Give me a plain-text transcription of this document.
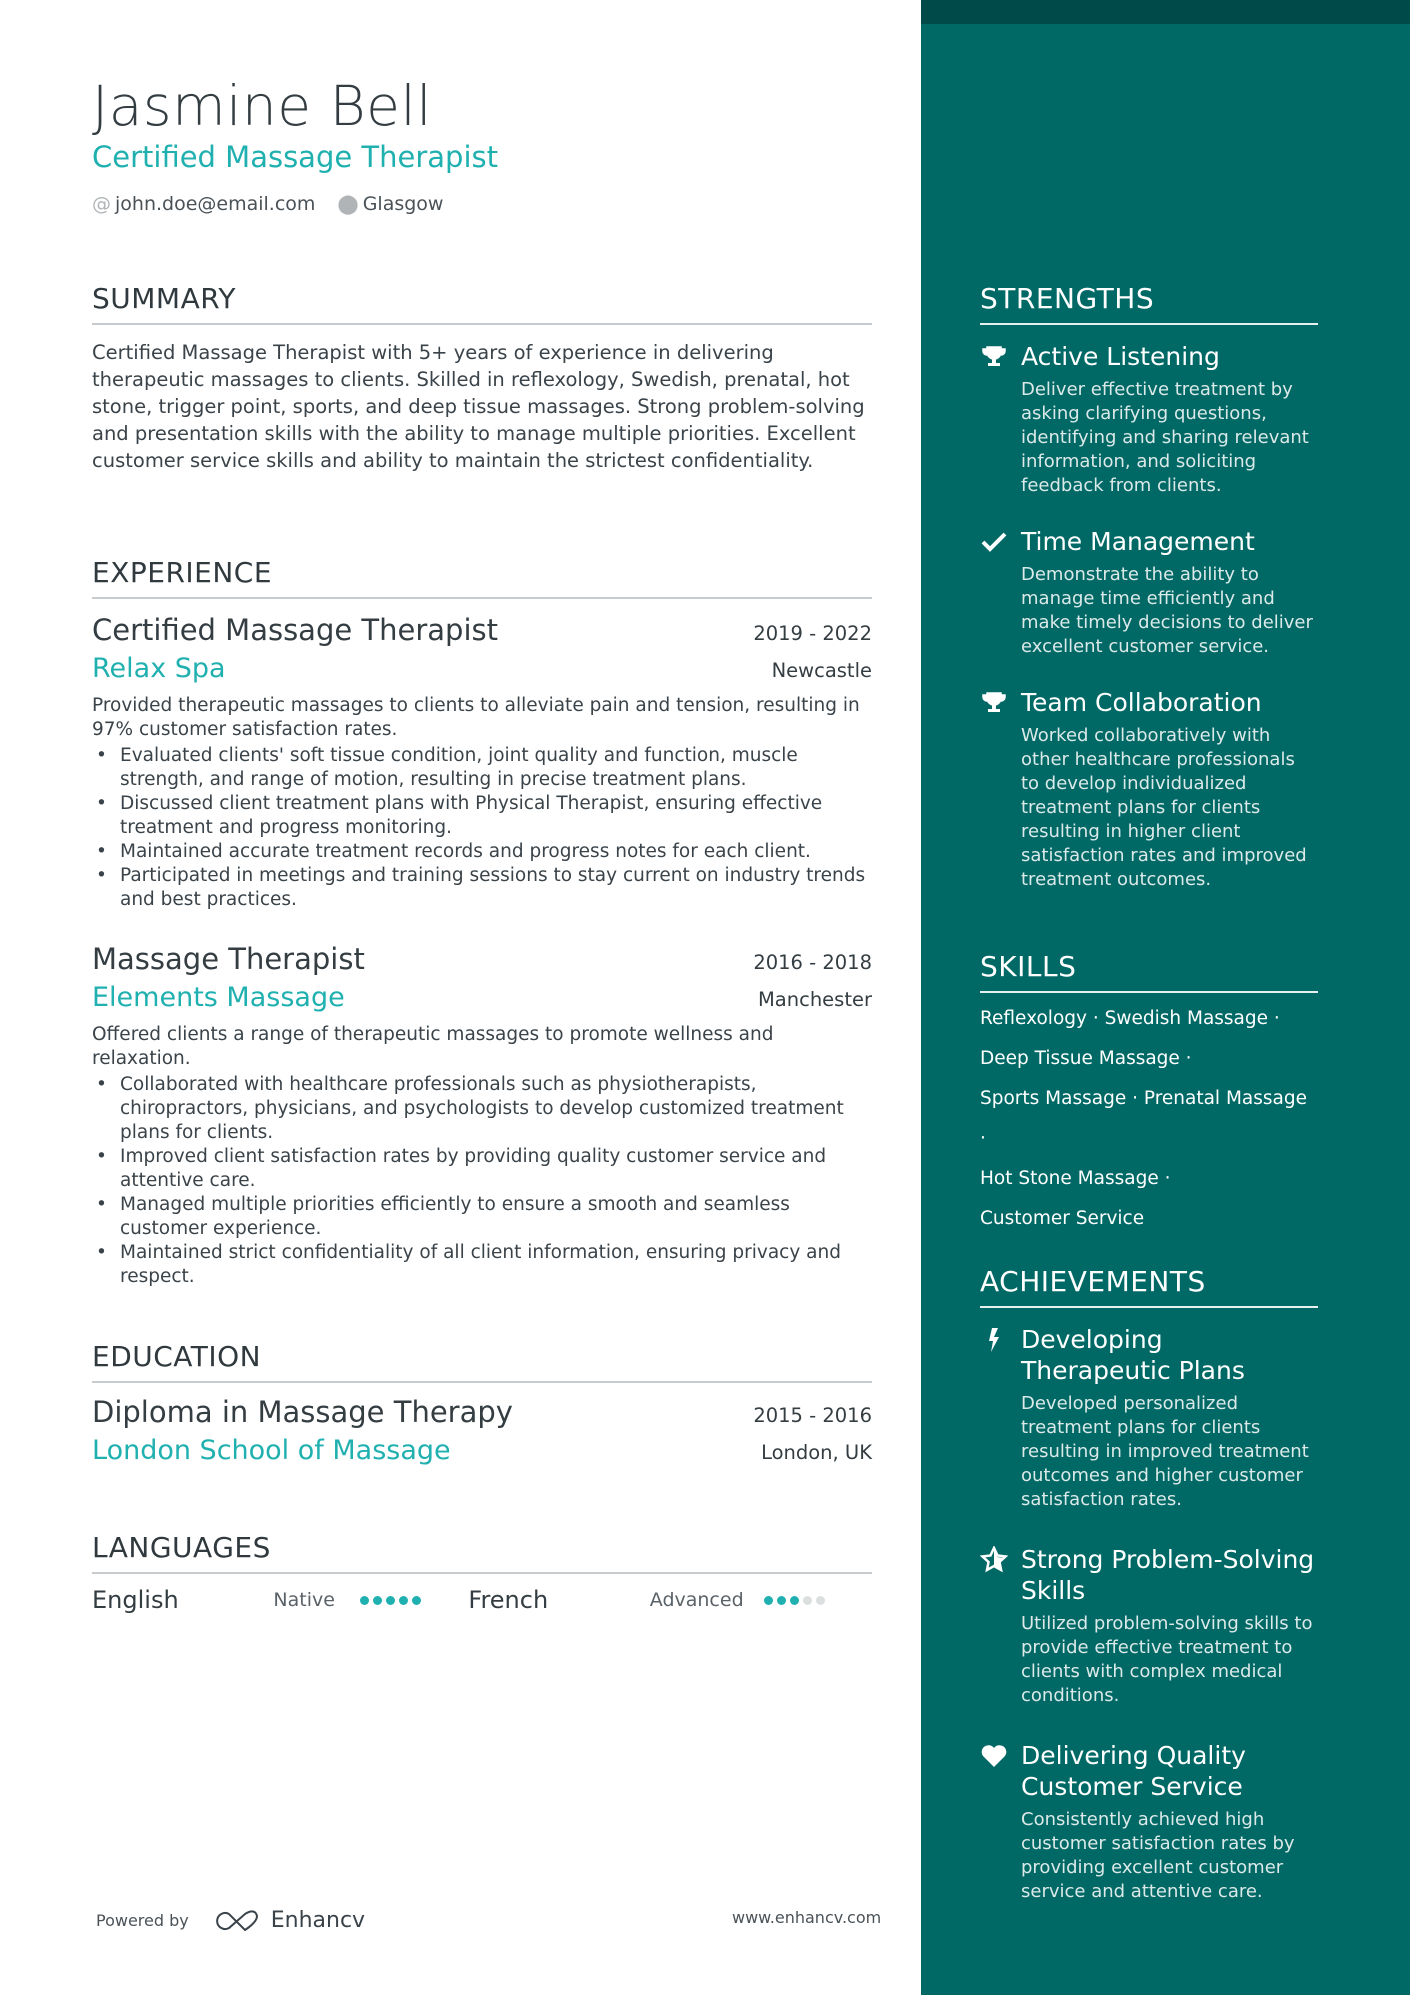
Jasmine Bell
Certified Massage Therapist
@ john.doe@email.com ⬤ Glasgow
SUMMARY
Certified Massage Therapist with 5+ years of experience in delivering therapeutic massages to clients. Skilled in reflexology, Swedish, prenatal, hot stone, trigger point, sports, and deep tissue massages. Strong problem-solving and presentation skills with the ability to manage multiple priorities. Excellent customer service skills and ability to maintain the strictest confidentiality.
EXPERIENCE
Certified Massage Therapist	2019 - 2022
Relax Spa	Newcastle
Provided therapeutic massages to clients to alleviate pain and tension, resulting in 97% customer satisfaction rates.
• Evaluated clients' soft tissue condition, joint quality and function, muscle strength, and range of motion, resulting in precise treatment plans.
• Discussed client treatment plans with Physical Therapist, ensuring effective treatment and progress monitoring.
• Maintained accurate treatment records and progress notes for each client.
• Participated in meetings and training sessions to stay current on industry trends and best practices.
Massage Therapist	2016 - 2018
Elements Massage	Manchester
Offered clients a range of therapeutic massages to promote wellness and relaxation.
• Collaborated with healthcare professionals such as physiotherapists, chiropractors, physicians, and psychologists to develop customized treatment plans for clients.
• Improved client satisfaction rates by providing quality customer service and attentive care.
• Managed multiple priorities efficiently to ensure a smooth and seamless customer experience.
• Maintained strict confidentiality of all client information, ensuring privacy and respect.
EDUCATION
Diploma in Massage Therapy	2015 - 2016
London School of Massage	London, UK
LANGUAGES
English	Native	French	Advanced
Powered by	Enhancv	www.enhancv.com
STRENGTHS
Active Listening
Deliver effective treatment by asking clarifying questions, identifying and sharing relevant information, and soliciting feedback from clients.
Time Management
Demonstrate the ability to manage time efficiently and make timely decisions to deliver excellent customer service.
Team Collaboration
Worked collaboratively with other healthcare professionals to develop individualized treatment plans for clients resulting in higher client satisfaction rates and improved treatment outcomes.
SKILLS
Reflexology · Swedish Massage ·
Deep Tissue Massage ·
Sports Massage · Prenatal Massage ·
Hot Stone Massage ·
Customer Service
ACHIEVEMENTS
Developing Therapeutic Plans
Developed personalized treatment plans for clients resulting in improved treatment outcomes and higher customer satisfaction rates.
Strong Problem-Solving Skills
Utilized problem-solving skills to provide effective treatment to clients with complex medical conditions.
Delivering Quality Customer Service
Consistently achieved high customer satisfaction rates by providing excellent customer service and attentive care.
